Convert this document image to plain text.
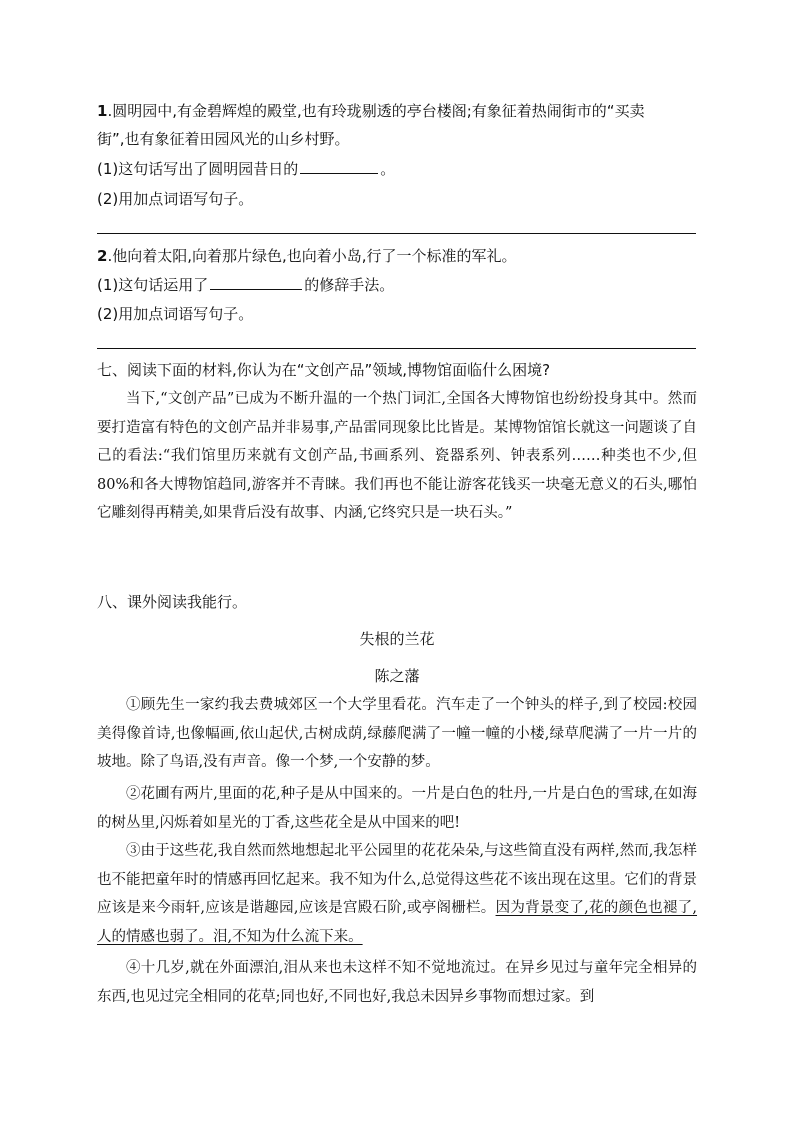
1.圆明园中,有金碧辉煌的殿堂,也有玲珑剔透的亭台楼阁;有象征着热闹街市的“买卖
街”,也有象征着田园风光的山乡村野。
(1)这句话写出了圆明园昔日的	。
(2)用加点词语写句子。
2.他向着太阳,向着那片绿色,也向着小岛,行了一个标准的军礼。
(1)这句话运用了	的修辞手法。
(2)用加点词语写句子。
七、阅读下面的材料,你认为在“文创产品”领域,博物馆面临什么困境?
当下,“文创产品”已成为不断升温的一个热门词汇,全国各大博物馆也纷纷投身其中。然而要打造富有特色的文创产品并非易事,产品雷同现象比比皆是。某博物馆馆长就这一问题谈了自己的看法:“我们馆里历来就有文创产品,书画系列、瓷器系列、钟表系列……种类也不少,但80%和各大博物馆趋同,游客并不青睐。我们再也不能让游客花钱买一块毫无意义的石头,哪怕它雕刻得再精美,如果背后没有故事、内涵,它终究只是一块石头。”
八、课外阅读我能行。
失根的兰花
陈之藩
①顾先生一家约我去费城郊区一个大学里看花。汽车走了一个钟头的样子,到了校园:校园美得像首诗,也像幅画,依山起伏,古树成荫,绿藤爬满了一幢一幢的小楼,绿草爬满了一片一片的坡地。除了鸟语,没有声音。像一个梦,一个安静的梦。
②花圃有两片,里面的花,种子是从中国来的。一片是白色的牡丹,一片是白色的雪球,在如海的树丛里,闪烁着如星光的丁香,这些花全是从中国来的吧!
③由于这些花,我自然而然地想起北平公园里的花花朵朵,与这些简直没有两样,然而,我怎样也不能把童年时的情感再回忆起来。我不知为什么,总觉得这些花不该出现在这里。它们的背景应该是来今雨轩,应该是谐趣园,应该是宫殿石阶,或亭阁栅栏。因为背景变了,花的颜色也褪了,人的情感也弱了。泪,不知为什么流下来。
④十几岁,就在外面漂泊,泪从来也未这样不知不觉地流过。在异乡见过与童年完全相异的东西,也见过完全相同的花草;同也好,不同也好,我总未因异乡事物而想过家。到
